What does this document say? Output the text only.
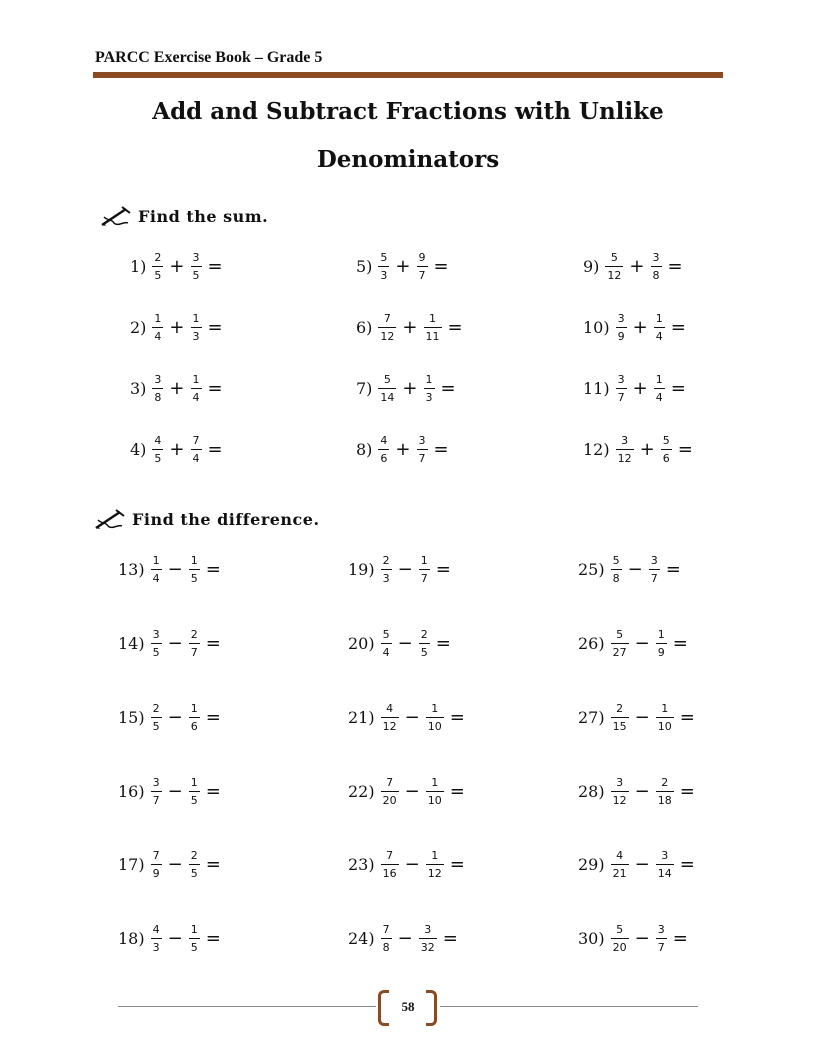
PARCC Exercise Book – Grade 5
Add and Subtract Fractions with Unlike
Denominators
Find the sum.
Find the difference.
$1) \frac{2}{5} + \frac{3}{5}$ =
$2) \frac{1}{4} + \frac{1}{3}$ =
$3) \frac{3}{8} + \frac{1}{4}$ =
$4) \frac{4}{5} + \frac{7}{4}$ =
$5) \frac{5}{3} + \frac{9}{7}$ =
$6) \frac{7}{12} + \frac{1}{11}$ =
$7) \frac{5}{14} + \frac{1}{3}$ =
$8) \frac{4}{6} + \frac{3}{7}$ =
$9) \frac{5}{12} + \frac{3}{8}$ =
$10) \frac{3}{9} + \frac{1}{4}$ =
$11) \frac{3}{7} + \frac{1}{4}$ =
$12) \frac{3}{12} + \frac{5}{6}$ =
$13) \frac{1}{4} - \frac{1}{5}$ =
$14) \frac{3}{5} - \frac{2}{7}$ =
$15) \frac{2}{5} - \frac{1}{6}$ =
$16) \frac{3}{7} - \frac{1}{5}$ =
$17) \frac{7}{9} - \frac{2}{5}$ =
$18) \frac{4}{3} - \frac{1}{5}$ =
$19) \frac{2}{3} - \frac{1}{7}$ =
$20) \frac{5}{4} - \frac{2}{5}$ =
$21) \frac{4}{12} - \frac{1}{10}$ =
$22) \frac{7}{20} - \frac{1}{10}$ =
$23) \frac{7}{16} - \frac{1}{12}$ =
$24) \frac{7}{8} - \frac{3}{32}$ =
$25) \frac{5}{8} - \frac{3}{7}$ =
$26) \frac{5}{27} - \frac{1}{9}$ =
$27) \frac{2}{15} - \frac{1}{10}$ =
$28) \frac{3}{12} - \frac{2}{18}$ =
$29) \frac{4}{21} - \frac{3}{14}$ =
$30) \frac{5}{20} - \frac{3}{7}$ =
58
